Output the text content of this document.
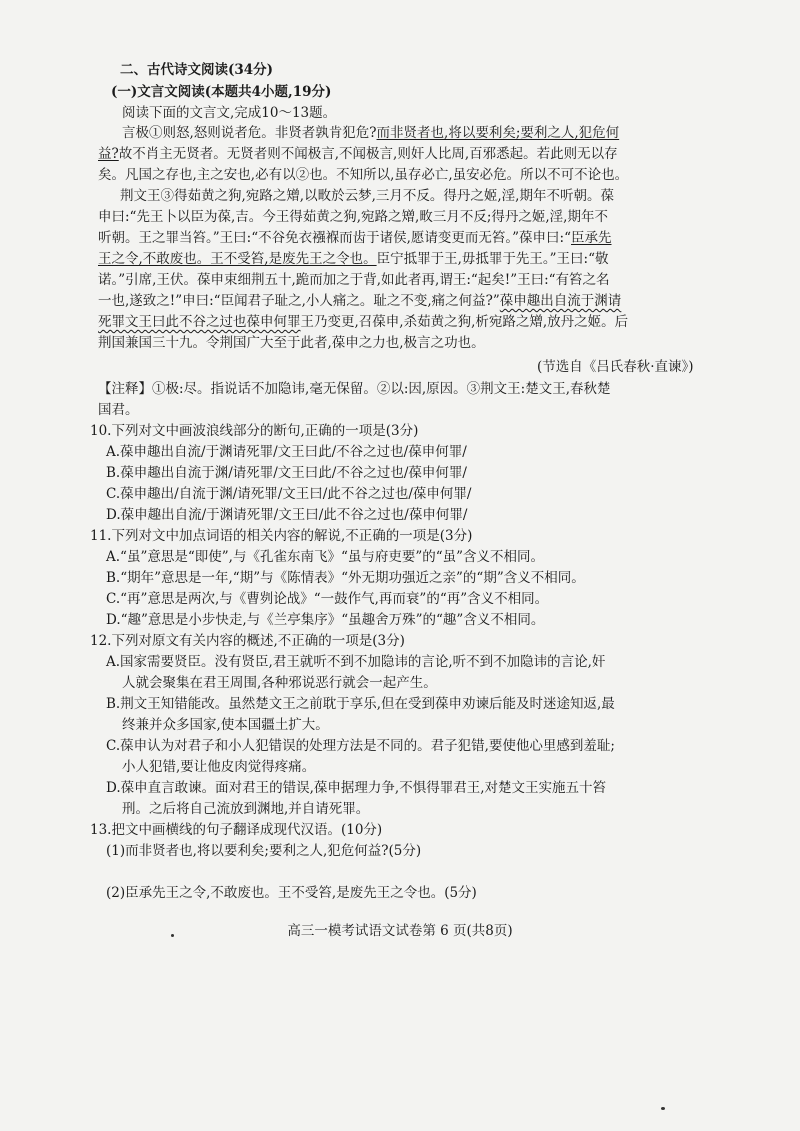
二、古代诗文阅读(34分)
(一)文言文阅读(本题共4小题,19分)
阅读下面的文言文,完成10～13题。
言极①则怒,怒则说者危。非贤者孰肯犯危?而非贤者也,将以要利矣;要利之人,犯危何
益?故不肖主无贤者。无贤者则不闻极言,不闻极言,则奸人比周,百邪悉起。若此则无以存
矣。凡国之存也,主之安也,必有以②也。不知所以,虽存必亡,虽安必危。所以不可不论也。
荆文王③得茹黄之狗,宛路之矰,以畋於云梦,三月不反。得丹之姬,淫,期年不听朝。葆
申曰:“先王卜以臣为葆,吉。今王得茹黄之狗,宛路之矰,畋三月不反;得丹之姬,淫,期年不
听朝。王之罪当笞。”王曰:“不谷免衣襁褓而齿于诸侯,愿请变更而无笞。”葆申曰:“臣承先
王之令,不敢废也。王不受笞,是废先王之令也。臣宁抵罪于王,毋抵罪于先王。”王曰:“敬
诺。”引席,王伏。葆申束细荆五十,跪而加之于背,如此者再,谓王:“起矣!”王曰:“有笞之名
一也,遂致之!”申曰:“臣闻君子耻之,小人痛之。耻之不变,痛之何益?”葆申趣出自流于渊请
死罪文王曰此不谷之过也葆申何罪王乃变更,召葆申,杀茹黄之狗,析宛路之矰,放丹之姬。后
荆国兼国三十九。令荆国广大至于此者,葆申之力也,极言之功也。
(节选自《吕氏春秋·直谏》)
【注释】①极:尽。指说话不加隐讳,毫无保留。②以:因,原因。③荆文王:楚文王,春秋楚
国君。
10.下列对文中画波浪线部分的断句,正确的一项是(3分)
A.葆申趣出自流/于渊请死罪/文王曰此/不谷之过也/葆申何罪/
B.葆申趣出自流于渊/请死罪/文王曰此/不谷之过也/葆申何罪/
C.葆申趣出/自流于渊/请死罪/文王曰/此不谷之过也/葆申何罪/
D.葆申趣出自流/于渊请死罪/文王曰/此不谷之过也/葆申何罪/
11.下列对文中加点词语的相关内容的解说,不正确的一项是(3分)
A.“虽”意思是“即使”,与《孔雀东南飞》“虽与府吏要”的“虽”含义不相同。
B.“期年”意思是一年,“期”与《陈情表》“外无期功强近之亲”的“期”含义不相同。
C.“再”意思是两次,与《曹刿论战》“一鼓作气,再而衰”的“再”含义不相同。
D.“趣”意思是小步快走,与《兰亭集序》“虽趣舍万殊”的“趣”含义不相同。
12.下列对原文有关内容的概述,不正确的一项是(3分)
A.国家需要贤臣。没有贤臣,君王就听不到不加隐讳的言论,听不到不加隐讳的言论,奸
人就会聚集在君王周围,各种邪说恶行就会一起产生。
B.荆文王知错能改。虽然楚文王之前耽于享乐,但在受到葆申劝谏后能及时迷途知返,最
终兼并众多国家,使本国疆土扩大。
C.葆申认为对君子和小人犯错误的处理方法是不同的。君子犯错,要使他心里感到羞耻;
小人犯错,要让他皮肉觉得疼痛。
D.葆申直言敢谏。面对君王的错误,葆申据理力争,不惧得罪君王,对楚文王实施五十笞
刑。之后将自己流放到渊地,并自请死罪。
13.把文中画横线的句子翻译成现代汉语。(10分)
(1)而非贤者也,将以要利矣;要利之人,犯危何益?(5分)
(2)臣承先王之令,不敢废也。王不受笞,是废先王之令也。(5分)
高三一模考试语文试卷第 6 页(共8页)
